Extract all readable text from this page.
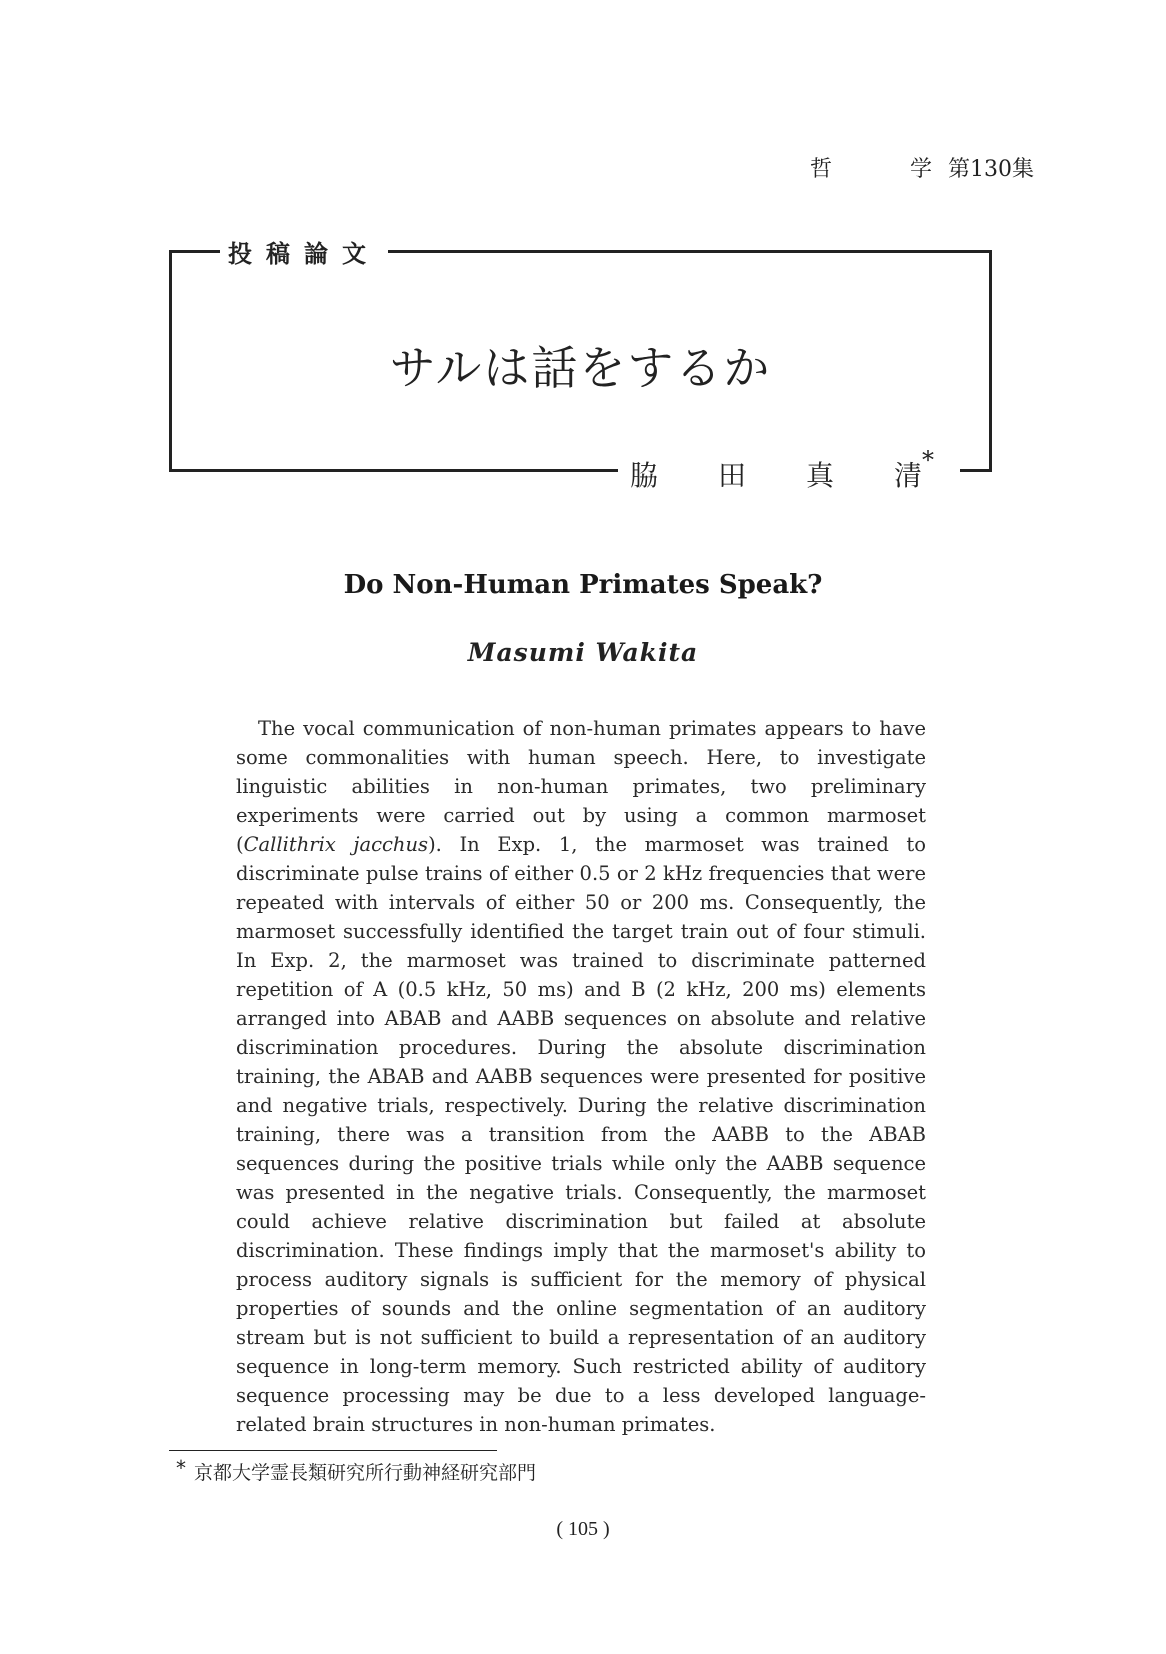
哲	学 第130集
投稿論文
サルは話をするか
脇 田 真 清 *
Do Non-Human Primates Speak?
Masumi Wakita
The vocal communication of non-human primates appears to have some commonalities with human speech. Here, to investigate linguistic abilities in non-human primates, two preliminary experiments were carried out by using a common marmoset (Callithrix jacchus). In Exp. 1, the marmoset was trained to discriminate pulse trains of either 0.5 or 2 kHz frequencies that were repeated with intervals of either 50 or 200 ms. Consequently, the marmoset successfully identified the target train out of four stimuli. In Exp. 2, the marmoset was trained to discriminate patterned repetition of A (0.5 kHz, 50 ms) and B (2 kHz, 200 ms) elements arranged into ABAB and AABB sequences on absolute and relative discrimination procedures. During the absolute discrimination training, the ABAB and AABB sequences were presented for positive and negative trials, respectively. During the relative discrimination training, there was a transition from the AABB to the ABAB sequences during the positive trials while only the AABB sequence was presented in the negative trials. Consequently, the marmoset could achieve relative discrimination but failed at absolute discrimination. These findings imply that the marmoset's ability to process auditory signals is sufficient for the memory of physical properties of sounds and the online segmentation of an auditory stream but is not sufficient to build a representation of an auditory sequence in long-term memory. Such restricted ability of auditory sequence processing may be due to a less developed language-related brain structures in non-human primates.
* 京都大学霊長類研究所行動神経研究部門
( 105 )
